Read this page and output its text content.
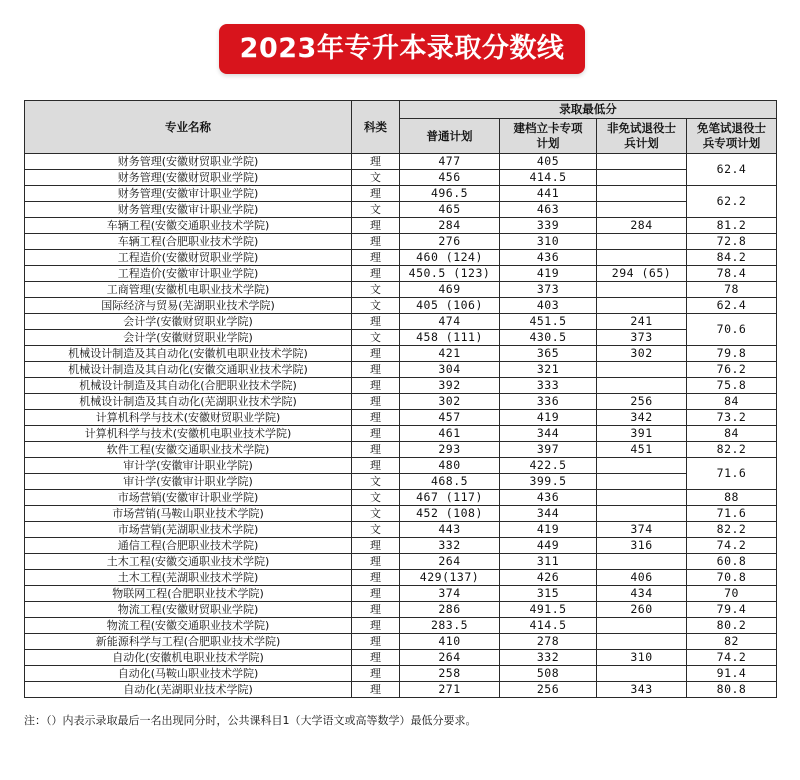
2023年专升本录取分数线
专业名称	科类	录取最低分			
		普通计划	建档立卡专项
计划	非免试退役士
兵计划	免笔试退役士
兵专项计划
财务管理(安徽财贸职业学院)	理	477	405		62.4
财务管理(安徽财贸职业学院)	文	456	414.5		
财务管理(安徽审计职业学院)	理	496.5	441		62.2
财务管理(安徽审计职业学院)	文	465	463		
车辆工程(安徽交通职业技术学院)	理	284	339	284	81.2
车辆工程(合肥职业技术学院)	理	276	310		72.8
工程造价(安徽财贸职业学院)	理	460 (124)	436		84.2
工程造价(安徽审计职业学院)	理	450.5 (123)	419	294 (65)	78.4
工商管理(安徽机电职业技术学院)	文	469	373		78
国际经济与贸易(芜湖职业技术学院)	文	405 (106)	403		62.4
会计学(安徽财贸职业学院)	理	474	451.5	241	70.6
会计学(安徽财贸职业学院)	文	458 (111)	430.5	373	
机械设计制造及其自动化(安徽机电职业技术学院)	理	421	365	302	79.8
机械设计制造及其自动化(安徽交通职业技术学院)	理	304	321		76.2
机械设计制造及其自动化(合肥职业技术学院)	理	392	333		75.8
机械设计制造及其自动化(芜湖职业技术学院)	理	302	336	256	84
计算机科学与技术(安徽财贸职业学院)	理	457	419	342	73.2
计算机科学与技术(安徽机电职业技术学院)	理	461	344	391	84
软件工程(安徽交通职业技术学院)	理	293	397	451	82.2
审计学(安徽审计职业学院)	理	480	422.5		71.6
审计学(安徽审计职业学院)	文	468.5	399.5		
市场营销(安徽审计职业学院)	文	467 (117)	436		88
市场营销(马鞍山职业技术学院)	文	452 (108)	344		71.6
市场营销(芜湖职业技术学院)	文	443	419	374	82.2
通信工程(合肥职业技术学院)	理	332	449	316	74.2
土木工程(安徽交通职业技术学院)	理	264	311		60.8
土木工程(芜湖职业技术学院)	理	429(137)	426	406	70.8
物联网工程(合肥职业技术学院)	理	374	315	434	70
物流工程(安徽财贸职业学院)	理	286	491.5	260	79.4
物流工程(安徽交通职业技术学院)	理	283.5	414.5		80.2
新能源科学与工程(合肥职业技术学院)	理	410	278		82
自动化(安徽机电职业技术学院)	理	264	332	310	74.2
自动化(马鞍山职业技术学院)	理	258	508		91.4
自动化(芜湖职业技术学院)	理	271	256	343	80.8
注：（）内表示录取最后一名出现同分时，公共课科目1（大学语文或高等数学）最低分要求。
